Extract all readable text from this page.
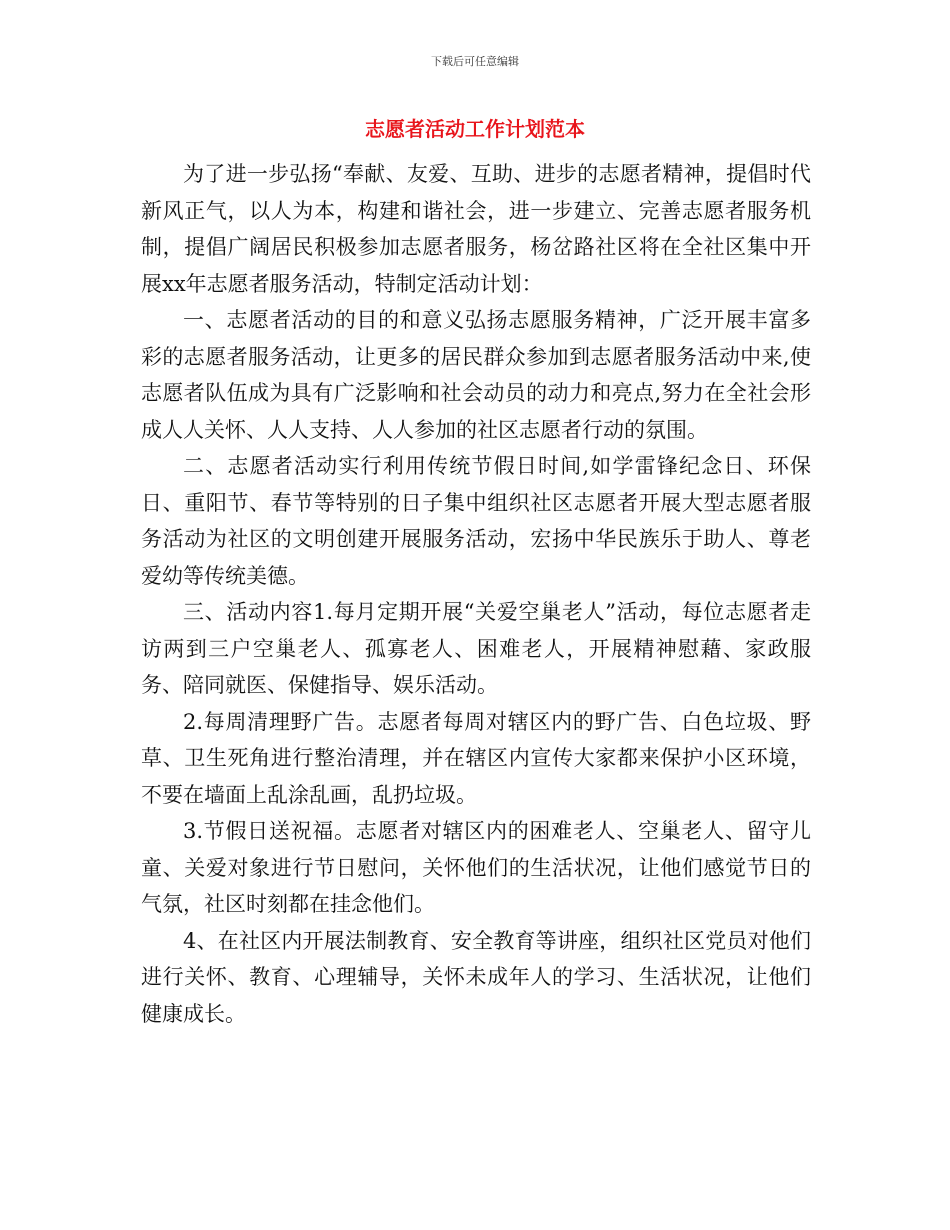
下载后可任意编辑
志愿者活动工作计划范本

为了进一步弘扬“奉献、友爱、互助、进步的志愿者精神，提倡时代新风正气，以人为本，构建和谐社会，进一步建立、完善志愿者服务机制，提倡广阔居民积极参加志愿者服务，杨岔路社区将在全社区集中开展xx年志愿者服务活动，特制定活动计划：

一、志愿者活动的目的和意义弘扬志愿服务精神，广泛开展丰富多彩的志愿者服务活动，让更多的居民群众参加到志愿者服务活动中来,使志愿者队伍成为具有广泛影响和社会动员的动力和亮点,努力在全社会形成人人关怀、人人支持、人人参加的社区志愿者行动的氛围。

二、志愿者活动实行利用传统节假日时间,如学雷锋纪念日、环保日、重阳节、春节等特别的日子集中组织社区志愿者开展大型志愿者服务活动为社区的文明创建开展服务活动，宏扬中华民族乐于助人、尊老爱幼等传统美德。

三、活动内容1.每月定期开展“关爱空巢老人”活动，每位志愿者走访两到三户空巢老人、孤寡老人、困难老人，开展精神慰藉、家政服务、陪同就医、保健指导、娱乐活动。

2.每周清理野广告。志愿者每周对辖区内的野广告、白色垃圾、野草、卫生死角进行整治清理，并在辖区内宣传大家都来保护小区环境，不要在墙面上乱涂乱画，乱扔垃圾。

3.节假日送祝福。志愿者对辖区内的困难老人、空巢老人、留守儿童、关爱对象进行节日慰问，关怀他们的生活状况，让他们感觉节日的气氛，社区时刻都在挂念他们。

4、在社区内开展法制教育、安全教育等讲座，组织社区党员对他们进行关怀、教育、心理辅导，关怀未成年人的学习、生活状况，让他们健康成长。
